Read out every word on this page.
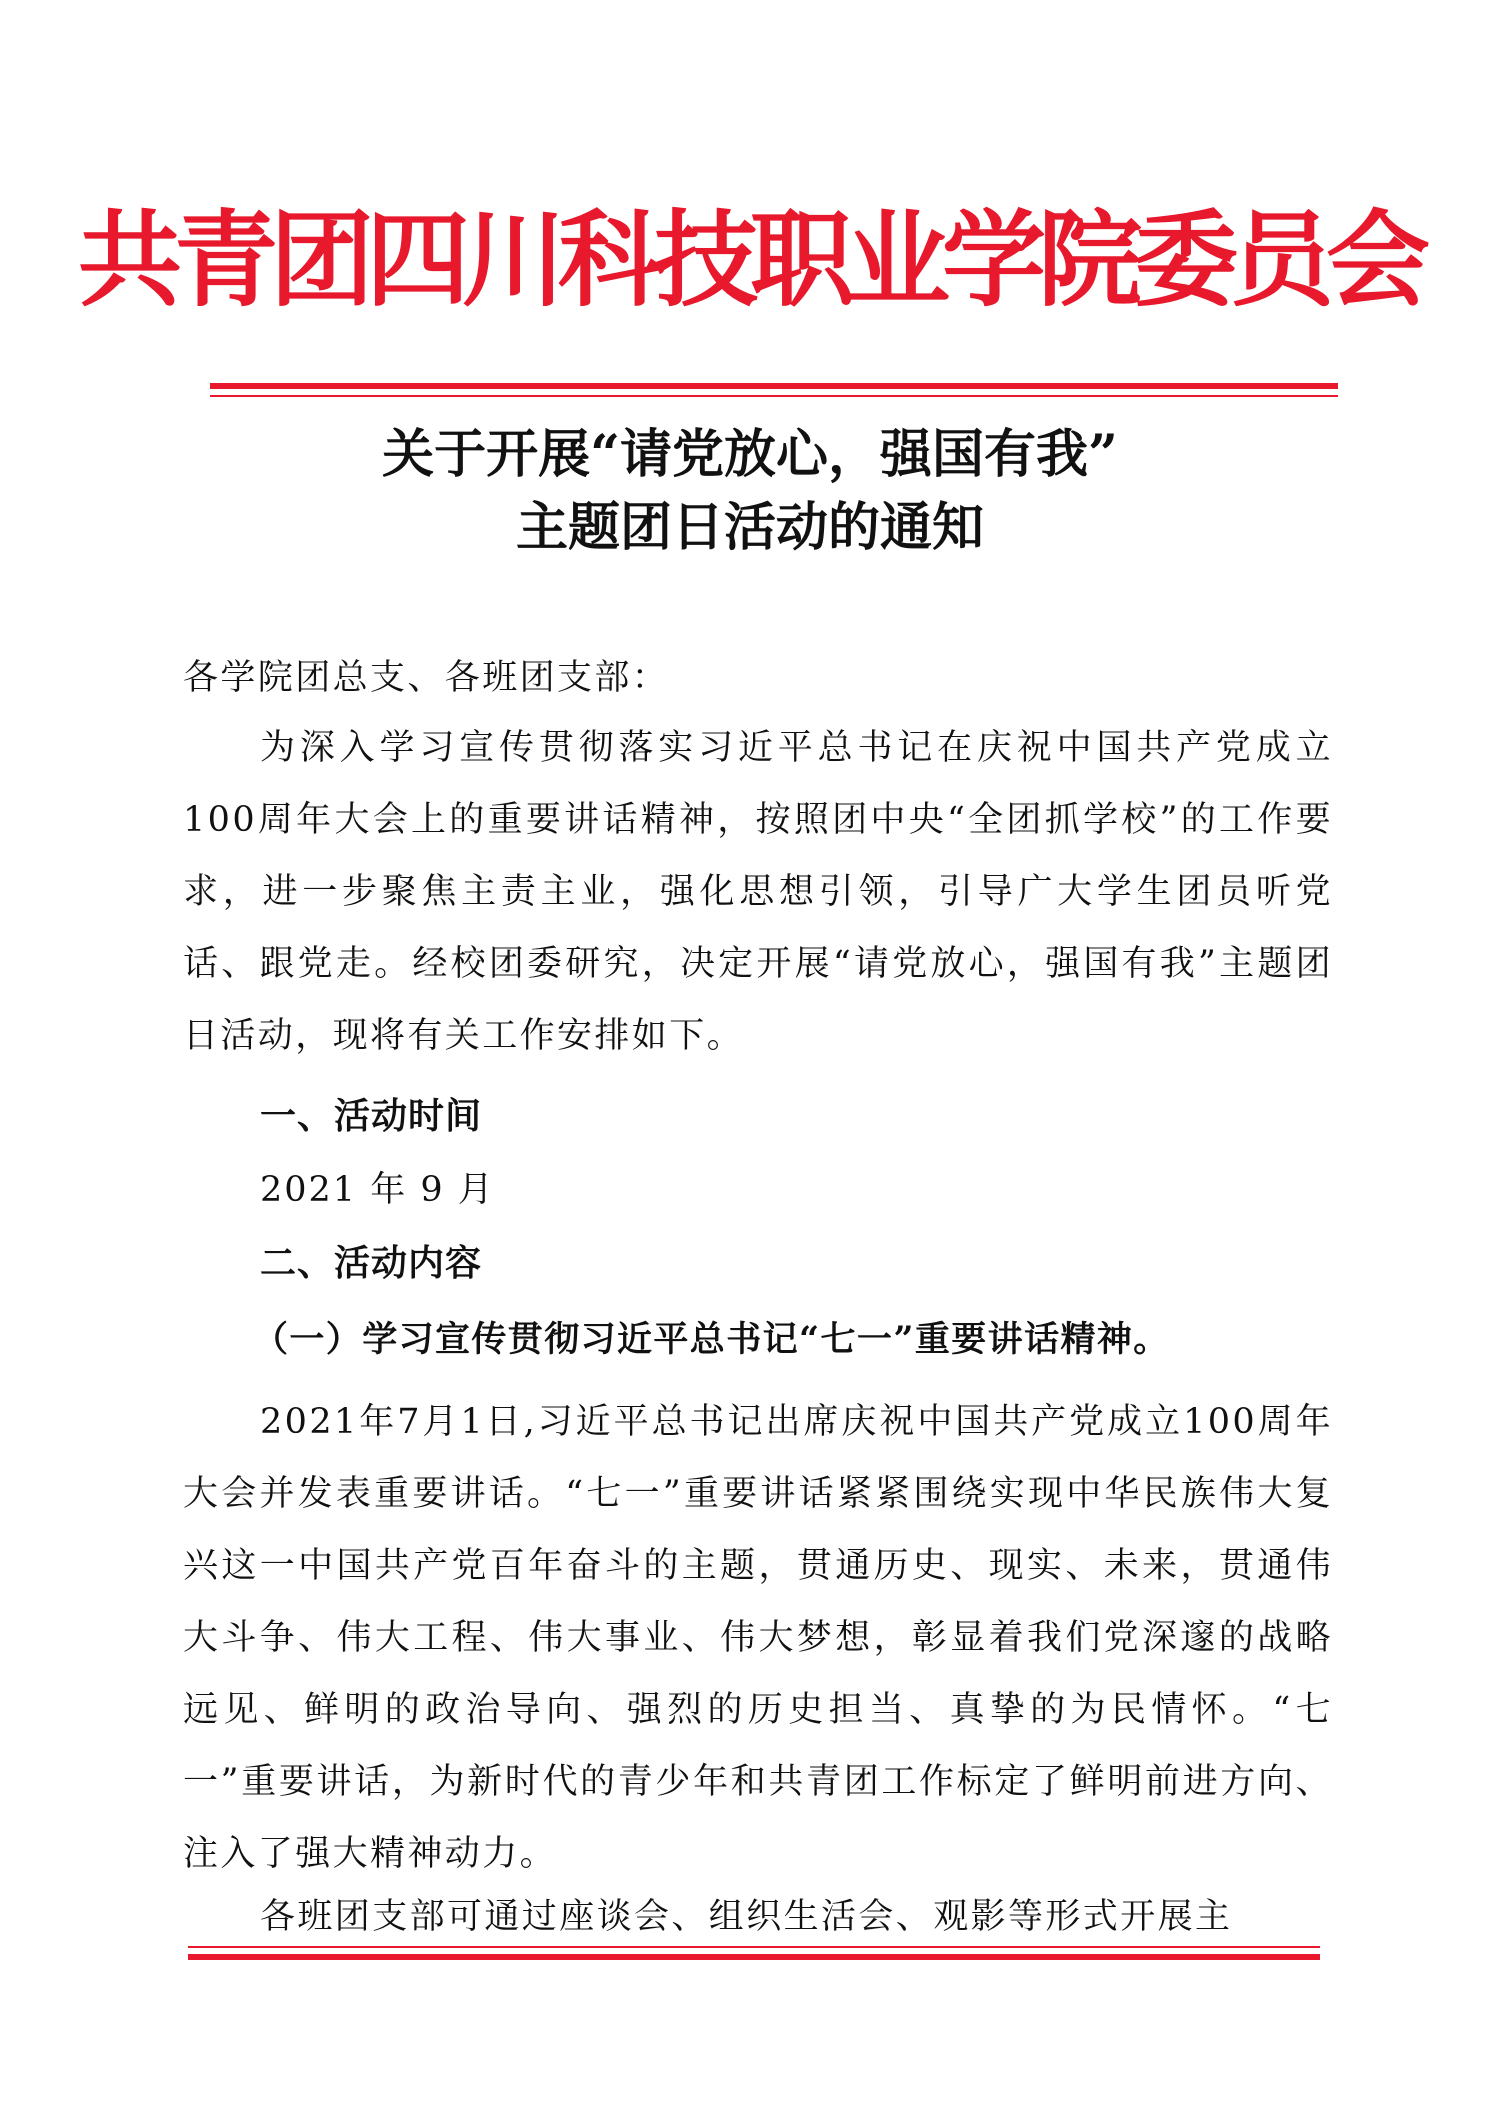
共青团四川科技职业学院委员会
关于开展“请党放心，强国有我”
主题团日活动的通知
各学院团总支、各班团支部：

为深入学习宣传贯彻落实习近平总书记在庆祝中国共产党成立100周年大会上的重要讲话精神，按照团中央“全团抓学校”的工作要求，进一步聚焦主责主业，强化思想引领，引导广大学生团员听党话、跟党走。经校团委研究，决定开展“请党放心，强国有我”主题团日活动，现将有关工作安排如下。

一、活动时间
2021 年 9 月
二、活动内容
（一）学习宣传贯彻习近平总书记“七一”重要讲话精神。

2021年7月1日,习近平总书记出席庆祝中国共产党成立100周年大会并发表重要讲话。“七一”重要讲话紧紧围绕实现中华民族伟大复兴这一中国共产党百年奋斗的主题，贯通历史、现实、未来，贯通伟大斗争、伟大工程、伟大事业、伟大梦想，彰显着我们党深邃的战略远见、鲜明的政治导向、强烈的历史担当、真挚的为民情怀。“七一”重要讲话，为新时代的青少年和共青团工作标定了鲜明前进方向、注入了强大精神动力。

各班团支部可通过座谈会、组织生活会、观影等形式开展主
